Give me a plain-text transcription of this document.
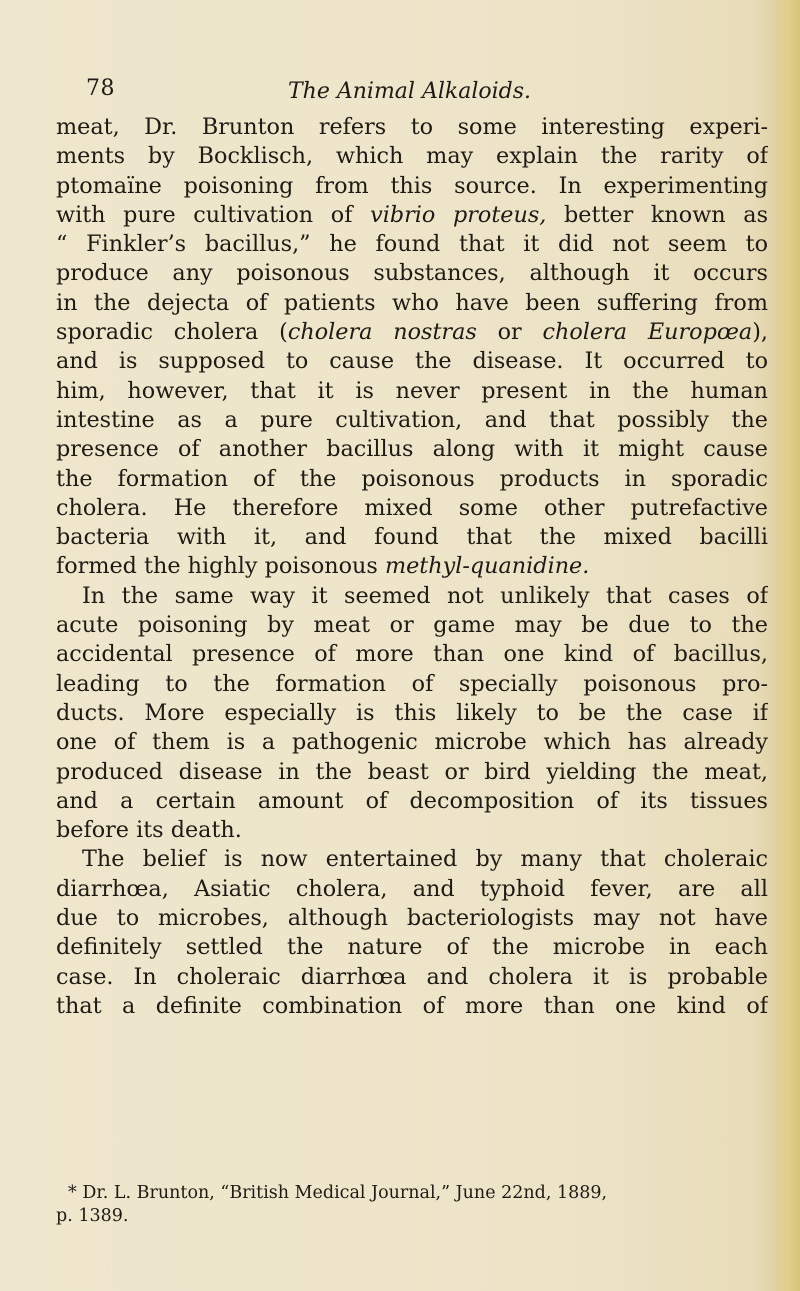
78	The Animal Alkaloids.
meat, Dr. Brunton refers to some interesting experi-
ments by Bocklisch, which may explain the rarity of
ptomaïne poisoning from this source. In experimenting
with pure cultivation of vibrio proteus, better known as
“ Finkler’s bacillus,” he found that it did not seem to
produce any poisonous substances, although it occurs
in the dejecta of patients who have been suffering from
sporadic cholera (cholera nostras or cholera Europœa),
and is supposed to cause the disease. It occurred to
him, however, that it is never present in the human
intestine as a pure cultivation, and that possibly the
presence of another bacillus along with it might cause
the formation of the poisonous products in sporadic
cholera. He therefore mixed some other putrefactive
bacteria with it, and found that the mixed bacilli
formed the highly poisonous methyl-quanidine.
In the same way it seemed not unlikely that cases of
acute poisoning by meat or game may be due to the
accidental presence of more than one kind of bacillus,
leading to the formation of specially poisonous pro-
ducts. More especially is this likely to be the case if
one of them is a pathogenic microbe which has already
produced disease in the beast or bird yielding the meat,
and a certain amount of decomposition of its tissues
before its death.
The belief is now entertained by many that choleraic
diarrhœa, Asiatic cholera, and typhoid fever, are all
due to microbes, although bacteriologists may not have
definitely settled the nature of the microbe in each
case. In choleraic diarrhœa and cholera it is probable
that a definite combination of more than one kind of
* Dr. L. Brunton, “British Medical Journal,” June 22nd, 1889,
p. 1389.
